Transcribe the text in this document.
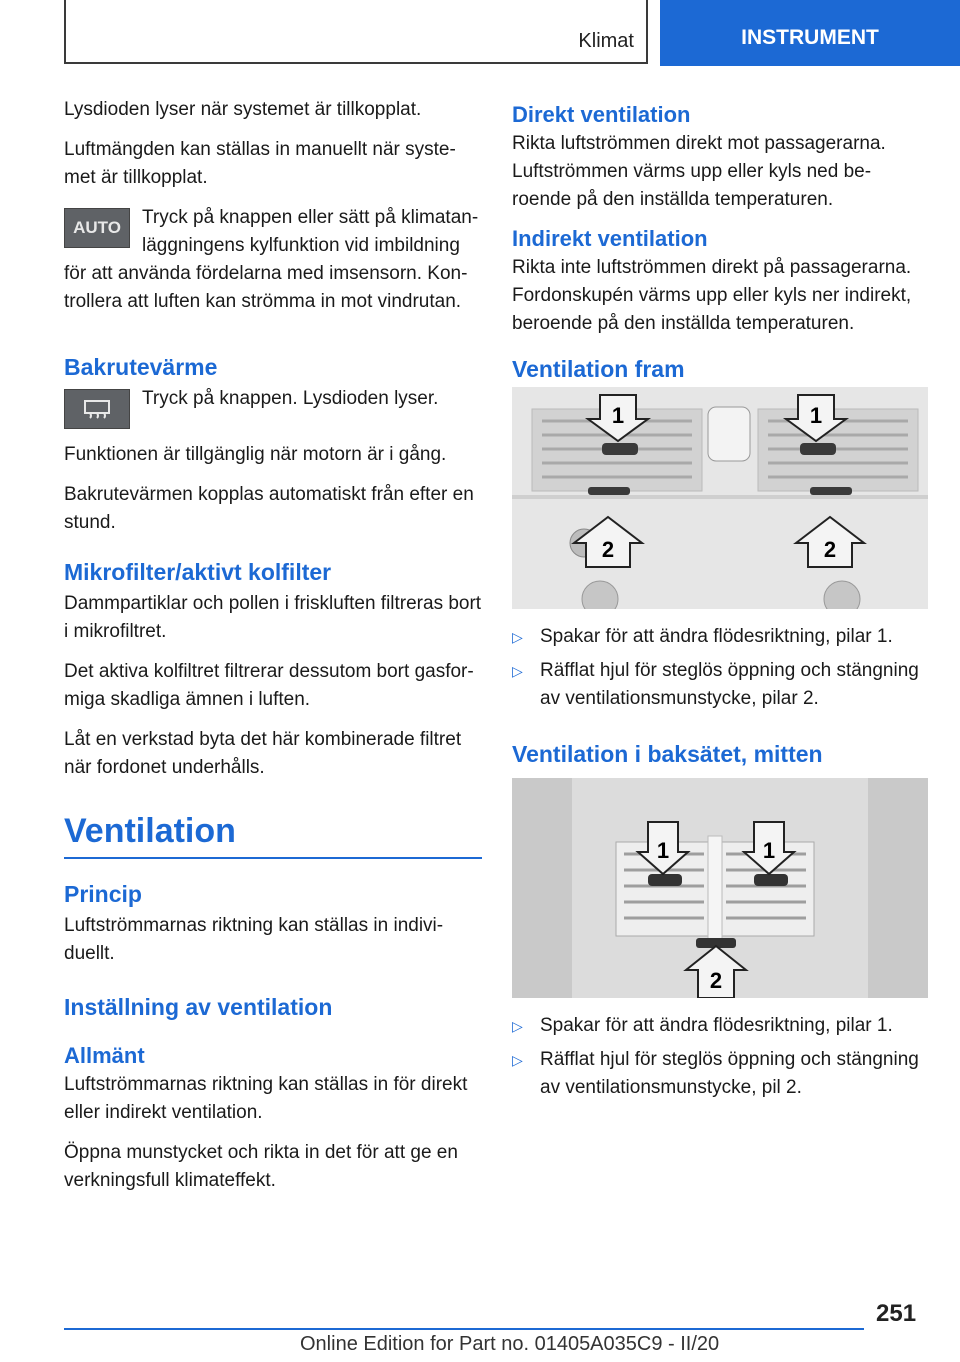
Klimat	INSTRUMENT

Lysdioden lyser när systemet är tillkopplat.

Luftmängden kan ställas in manuellt när syste‐met är tillkopplat.

AUTO	Tryck på knappen eller sätt på klimatan‐läggningens kylfunktion vid imbildning för att använda fördelarna med imsensorn. Kon‐trollera att luften kan strömma in mot vindrutan.

Bakrutevärme

Tryck på knappen. Lysdioden lyser.

Funktionen är tillgänglig när motorn är i gång.

Bakrutevärmen kopplas automatiskt från efter en stund.

Mikrofilter/aktivt kolfilter

Dammpartiklar och pollen i friskluften filtreras bort i mikrofiltret.

Det aktiva kolfiltret filtrerar dessutom bort gasfor‐miga skadliga ämnen i luften.

Låt en verkstad byta det här kombinerade filtret när fordonet underhålls.

Ventilation
Princip

Luftströmmarnas riktning kan ställas in indivi‐duellt.

Inställning av ventilation
Allmänt

Luftströmmarnas riktning kan ställas in för direkt eller indirekt ventilation.

Öppna munstycket och rikta in det för att ge en verkningsfull klimateffekt.

Direkt ventilation

Rikta luftströmmen direkt mot passagerarna. Luftströmmen värms upp eller kyls ned be‐roende på den inställda temperaturen.

Indirekt ventilation

Rikta inte luftströmmen direkt på passagerarna. Fordonskupén värms upp eller kyls ner indirekt, beroende på den inställda temperaturen.

Ventilation fram
1	1
2	2
▷ Spakar för att ändra flödesriktning, pilar 1.
▷ Räfflat hjul för steglös öppning och stängning av ventilationsmunstycke, pilar 2.
Ventilation i baksätet, mitten
1	1
2
▷ Spakar för att ändra flödesriktning, pilar 1.
▷ Räfflat hjul för steglös öppning och stängning av ventilationsmunstycke, pil 2.
251
Online Edition for Part no. 01405A035C9 - II/20
